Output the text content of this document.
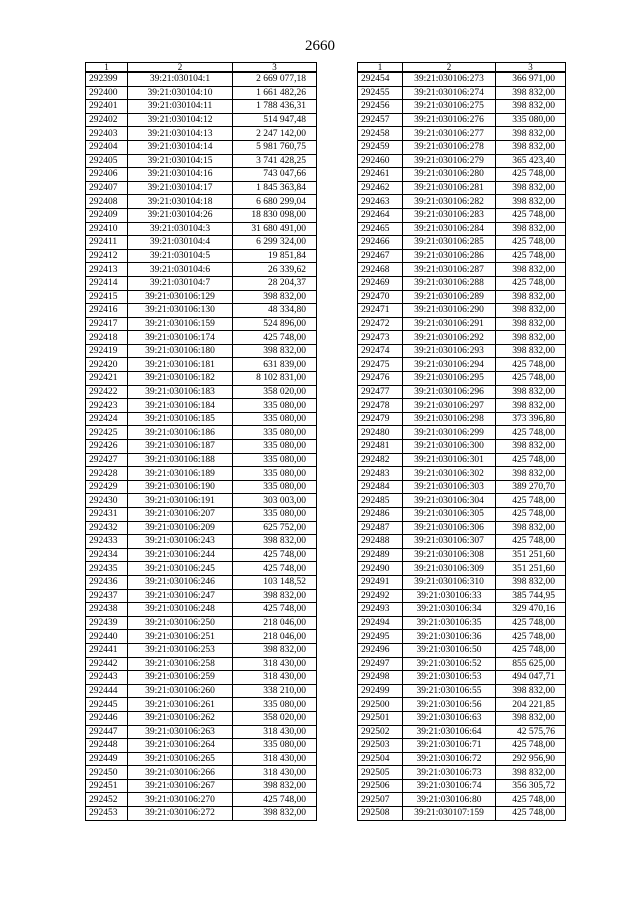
2660
1	2	3
292399	39:21:030104:1	2 669 077,18
292400	39:21:030104:10	1 661 482,26
292401	39:21:030104:11	1 788 436,31
292402	39:21:030104:12	514 947,48
292403	39:21:030104:13	2 247 142,00
292404	39:21:030104:14	5 981 760,75
292405	39:21:030104:15	3 741 428,25
292406	39:21:030104:16	743 047,66
292407	39:21:030104:17	1 845 363,84
292408	39:21:030104:18	6 680 299,04
292409	39:21:030104:26	18 830 098,00
292410	39:21:030104:3	31 680 491,00
292411	39:21:030104:4	6 299 324,00
292412	39:21:030104:5	19 851,84
292413	39:21:030104:6	26 339,62
292414	39:21:030104:7	28 204,37
292415	39:21:030106:129	398 832,00
292416	39:21:030106:130	48 334,80
292417	39:21:030106:159	524 896,00
292418	39:21:030106:174	425 748,00
292419	39:21:030106:180	398 832,00
292420	39:21:030106:181	631 839,00
292421	39:21:030106:182	8 102 831,00
292422	39:21:030106:183	358 020,00
292423	39:21:030106:184	335 080,00
292424	39:21:030106:185	335 080,00
292425	39:21:030106:186	335 080,00
292426	39:21:030106:187	335 080,00
292427	39:21:030106:188	335 080,00
292428	39:21:030106:189	335 080,00
292429	39:21:030106:190	335 080,00
292430	39:21:030106:191	303 003,00
292431	39:21:030106:207	335 080,00
292432	39:21:030106:209	625 752,00
292433	39:21:030106:243	398 832,00
292434	39:21:030106:244	425 748,00
292435	39:21:030106:245	425 748,00
292436	39:21:030106:246	103 148,52
292437	39:21:030106:247	398 832,00
292438	39:21:030106:248	425 748,00
292439	39:21:030106:250	218 046,00
292440	39:21:030106:251	218 046,00
292441	39:21:030106:253	398 832,00
292442	39:21:030106:258	318 430,00
292443	39:21:030106:259	318 430,00
292444	39:21:030106:260	338 210,00
292445	39:21:030106:261	335 080,00
292446	39:21:030106:262	358 020,00
292447	39:21:030106:263	318 430,00
292448	39:21:030106:264	335 080,00
292449	39:21:030106:265	318 430,00
292450	39:21:030106:266	318 430,00
292451	39:21:030106:267	398 832,00
292452	39:21:030106:270	425 748,00
292453	39:21:030106:272	398 832,00
1	2	3
292454	39:21:030106:273	366 971,00
292455	39:21:030106:274	398 832,00
292456	39:21:030106:275	398 832,00
292457	39:21:030106:276	335 080,00
292458	39:21:030106:277	398 832,00
292459	39:21:030106:278	398 832,00
292460	39:21:030106:279	365 423,40
292461	39:21:030106:280	425 748,00
292462	39:21:030106:281	398 832,00
292463	39:21:030106:282	398 832,00
292464	39:21:030106:283	425 748,00
292465	39:21:030106:284	398 832,00
292466	39:21:030106:285	425 748,00
292467	39:21:030106:286	425 748,00
292468	39:21:030106:287	398 832,00
292469	39:21:030106:288	425 748,00
292470	39:21:030106:289	398 832,00
292471	39:21:030106:290	398 832,00
292472	39:21:030106:291	398 832,00
292473	39:21:030106:292	398 832,00
292474	39:21:030106:293	398 832,00
292475	39:21:030106:294	425 748,00
292476	39:21:030106:295	425 748,00
292477	39:21:030106:296	398 832,00
292478	39:21:030106:297	398 832,00
292479	39:21:030106:298	373 396,80
292480	39:21:030106:299	425 748,00
292481	39:21:030106:300	398 832,00
292482	39:21:030106:301	425 748,00
292483	39:21:030106:302	398 832,00
292484	39:21:030106:303	389 270,70
292485	39:21:030106:304	425 748,00
292486	39:21:030106:305	425 748,00
292487	39:21:030106:306	398 832,00
292488	39:21:030106:307	425 748,00
292489	39:21:030106:308	351 251,60
292490	39:21:030106:309	351 251,60
292491	39:21:030106:310	398 832,00
292492	39:21:030106:33	385 744,95
292493	39:21:030106:34	329 470,16
292494	39:21:030106:35	425 748,00
292495	39:21:030106:36	425 748,00
292496	39:21:030106:50	425 748,00
292497	39:21:030106:52	855 625,00
292498	39:21:030106:53	494 047,71
292499	39:21:030106:55	398 832,00
292500	39:21:030106:56	204 221,85
292501	39:21:030106:63	398 832,00
292502	39:21:030106:64	42 575,76
292503	39:21:030106:71	425 748,00
292504	39:21:030106:72	292 956,90
292505	39:21:030106:73	398 832,00
292506	39:21:030106:74	356 305,72
292507	39:21:030106:80	425 748,00
292508	39:21:030107:159	425 748,00
